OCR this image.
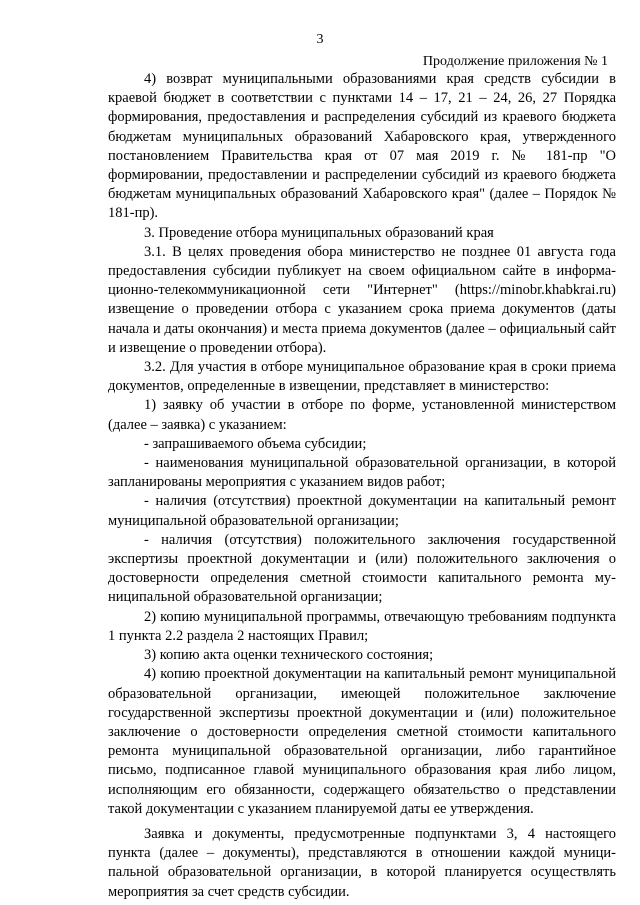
3
Продолжение приложения № 1

4) возврат муниципальными образованиями края средств субсидии в краевой бюджет в соответствии с пунктами 14 – 17, 21 – 24, 26, 27 Порядка формирования, предоставления и распределения субсидий из краевого бюджета бюджетам муниципальных образований Хабаровского края, утвержденного постановлением Правительства края от 07 мая 2019 г. № 181-пр "О формировании, предоставлении и распределении субсидий из краевого бюджета бюджетам муниципальных образований Хабаровского края" (далее – Порядок № 181-пр).

3. Проведение отбора муниципальных образований края

3.1. В целях проведения обора министерство не позднее 01 августа года предоставления субсидии публикует на своем официальном сайте в информационно-телекоммуникационной сети "Интернет" (https://minobr.khabkrai.ru) извещение о проведении отбора с указанием срока приема документов (даты начала и даты окончания) и места приема документов (далее – официальный сайт и извещение о проведении отбора).

3.2. Для участия в отборе муниципальное образование края в сроки приема документов, определенные в извещении, представляет в министерство:

1) заявку об участии в отборе по форме, установленной министерством (далее – заявка) с указанием:

- запрашиваемого объема субсидии;

- наименования муниципальной образовательной организации, в которой запланированы мероприятия с указанием видов работ;

- наличия (отсутствия) проектной документации на капитальный ремонт муниципальной образовательной организации;

- наличия (отсутствия) положительного заключения государственной экспертизы проектной документации и (или) положительного заключения о достоверности определения сметной стоимости капитального ремонта муниципальной образовательной организации;

2) копию муниципальной программы, отвечающую требованиям подпункта 1 пункта 2.2 раздела 2 настоящих Правил;

3) копию акта оценки технического состояния;

4) копию проектной документации на капитальный ремонт муниципальной образовательной организации, имеющей положительное заключение государственной экспертизы проектной документации и (или) положительное заключение о достоверности определения сметной стоимости капитального ремонта муниципальной образовательной организации, либо гарантийное письмо, подписанное главой муниципального образования края либо лицом, исполняющим его обязанности, содержащего обязательство о представлении такой документации с указанием планируемой даты ее утверждения.

Заявка и документы, предусмотренные подпунктами 3, 4 настоящего пункта (далее – документы), представляются в отношении каждой муниципальной образовательной организации, в которой планируется осуществлять мероприятия за счет средств субсидии.
